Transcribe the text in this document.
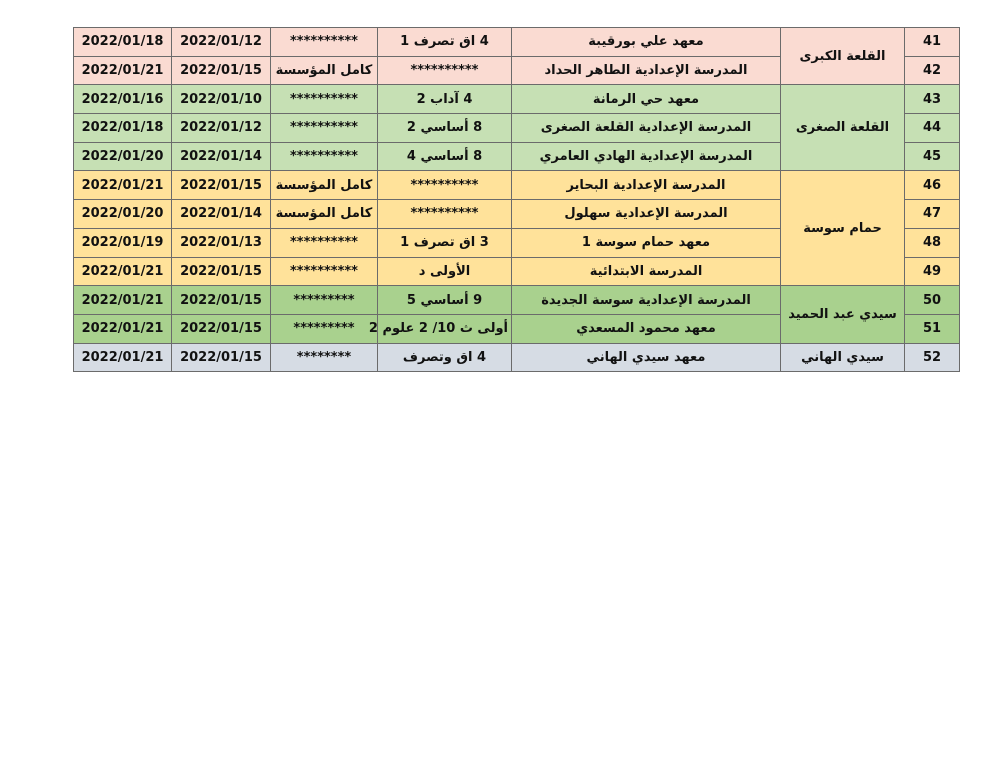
2022/01/18	2022/01/12	**********	4 اق تصرف 1	معهد علي بورقيبة	القلعة الكبرى	41
2022/01/21	2022/01/15	كامل المؤسسة	**********	المدرسة الإعدادية الطاهر الحداد		42
2022/01/16	2022/01/10	**********	4 آداب 2	معهد حي الرمانة	القلعة الصغرى	43
2022/01/18	2022/01/12	**********	8 أساسي 2	المدرسة الإعدادية القلعة الصغرى		44
2022/01/20	2022/01/14	**********	8 أساسي 4	المدرسة الإعدادية الهادي العامري		45
2022/01/21	2022/01/15	كامل المؤسسة	**********	المدرسة الإعدادية البحاير	حمام سوسة	46
2022/01/20	2022/01/14	كامل المؤسسة	**********	المدرسة الإعدادية سهلول		47
2022/01/19	2022/01/13	**********	3 اق تصرف 1	معهد حمام سوسة 1		48
2022/01/21	2022/01/15	**********	الأولى د	المدرسة الابتدائية		49
2022/01/21	2022/01/15	*********	9 أساسي 5	المدرسة الإعدادية سوسة الجديدة	سيدي عبد الحميد	50
2022/01/21	2022/01/15	*********	أولى ث 10/ 2 علوم 2	معهد محمود المسعدي		51
2022/01/21	2022/01/15	********	4 اق وتصرف	معهد سيدي الهاني	سيدي الهاني	52
